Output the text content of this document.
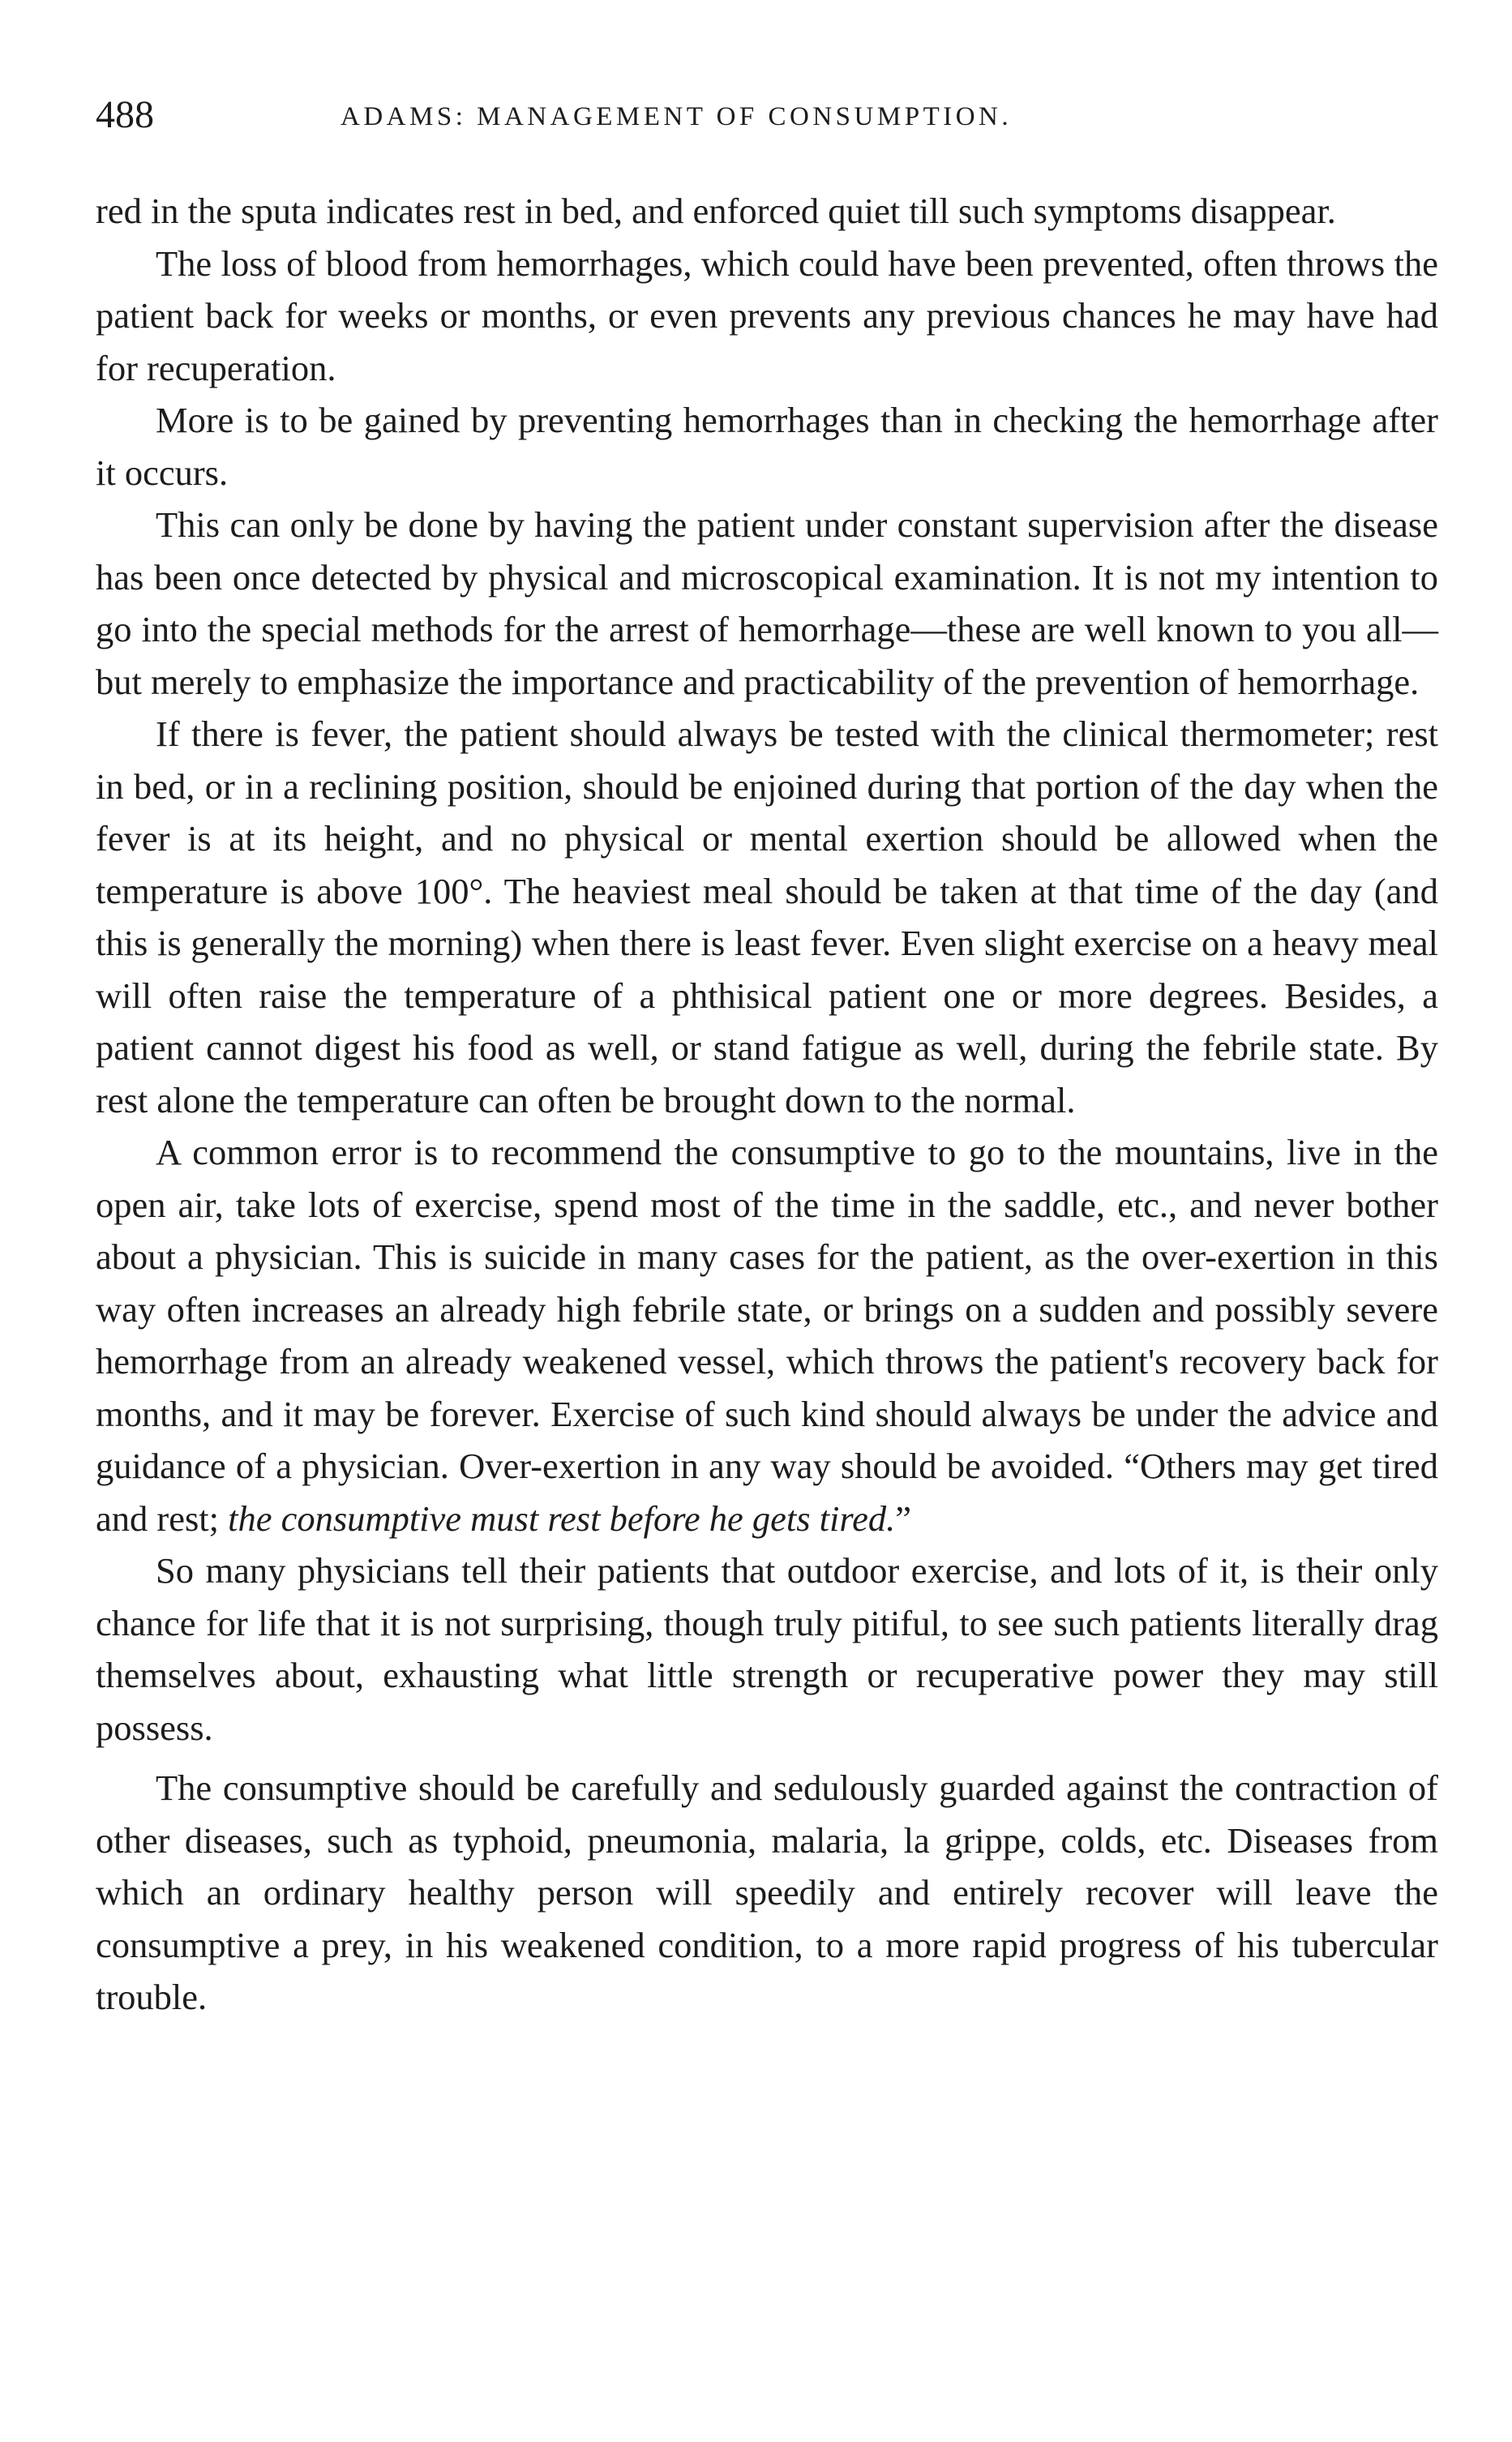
488	ADAMS: MANAGEMENT OF CONSUMPTION.

red in the sputa indicates rest in bed, and enforced quiet till such symptoms disappear.

The loss of blood from hemorrhages, which could have been prevented, often throws the patient back for weeks or months, or even prevents any previous chances he may have had for recuperation.

More is to be gained by preventing hemorrhages than in checking the hemorrhage after it occurs.

This can only be done by having the patient under constant supervision after the disease has been once detected by physical and microscopical examination. It is not my intention to go into the special methods for the arrest of hemorrhage—these are well known to you all—but merely to emphasize the importance and practicability of the prevention of hemorrhage.

If there is fever, the patient should always be tested with the clinical thermometer; rest in bed, or in a reclining position, should be enjoined during that portion of the day when the fever is at its height, and no physical or mental exertion should be allowed when the temperature is above 100°. The heaviest meal should be taken at that time of the day (and this is generally the morning) when there is least fever. Even slight exercise on a heavy meal will often raise the temperature of a phthisical patient one or more degrees. Besides, a patient cannot digest his food as well, or stand fatigue as well, during the febrile state. By rest alone the temperature can often be brought down to the normal.

A common error is to recommend the consumptive to go to the mountains, live in the open air, take lots of exercise, spend most of the time in the saddle, etc., and never bother about a physician. This is suicide in many cases for the patient, as the over-exertion in this way often increases an already high febrile state, or brings on a sudden and possibly severe hemorrhage from an already weakened vessel, which throws the patient's recovery back for months, and it may be forever. Exercise of such kind should always be under the advice and guidance of a physician. Over-exertion in any way should be avoided. “Others may get tired and rest; the consumptive must rest before he gets tired.”

So many physicians tell their patients that outdoor exercise, and lots of it, is their only chance for life that it is not surprising, though truly pitiful, to see such patients literally drag themselves about, exhausting what little strength or recuperative power they may still possess.

The consumptive should be carefully and sedulously guarded against the contraction of other diseases, such as typhoid, pneumonia, malaria, la grippe, colds, etc. Diseases from which an ordinary healthy person will speedily and entirely recover will leave the consumptive a prey, in his weakened condition, to a more rapid progress of his tubercular trouble.
